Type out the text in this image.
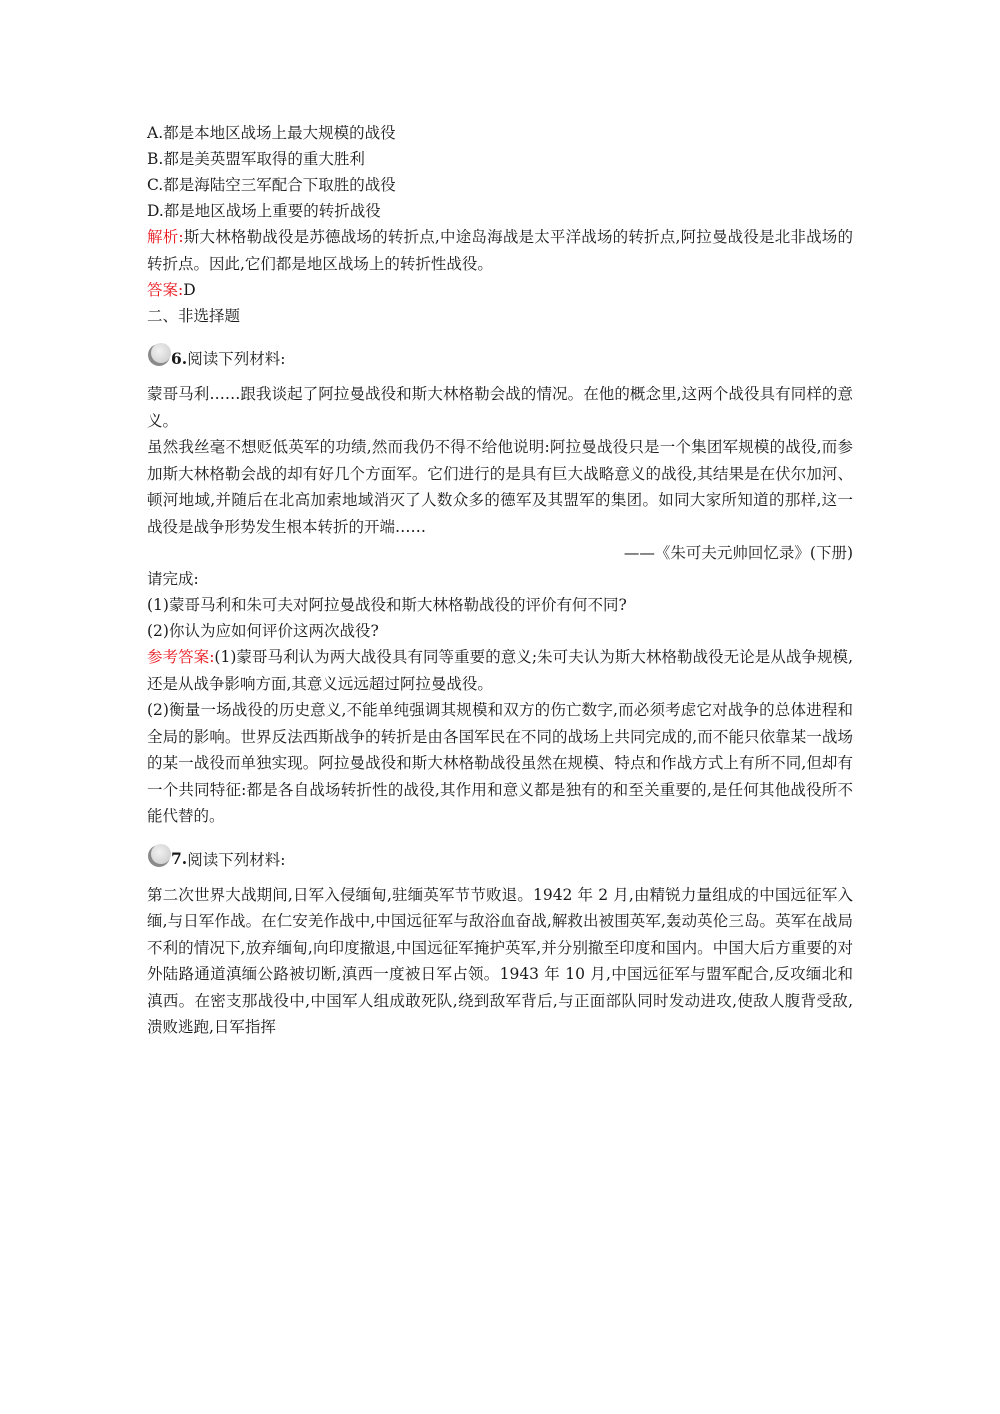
A.都是本地区战场上最大规模的战役
B.都是美英盟军取得的重大胜利
C.都是海陆空三军配合下取胜的战役
D.都是地区战场上重要的转折战役
解析:斯大林格勒战役是苏德战场的转折点,中途岛海战是太平洋战场的转折点,阿拉曼战役是北非战场的转折点。因此,它们都是地区战场上的转折性战役。
答案:D
二、非选择题
6. 阅读下列材料:
蒙哥马利……跟我谈起了阿拉曼战役和斯大林格勒会战的情况。在他的概念里,这两个战役具有同样的意义。
虽然我丝毫不想贬低英军的功绩,然而我仍不得不给他说明:阿拉曼战役只是一个集团军规模的战役,而参加斯大林格勒会战的却有好几个方面军。它们进行的是具有巨大战略意义的战役,其结果是在伏尔加河、顿河地域,并随后在北高加索地域消灭了人数众多的德军及其盟军的集团。如同大家所知道的那样,这一战役是战争形势发生根本转折的开端……
——《朱可夫元帅回忆录》(下册)
请完成:
(1)蒙哥马利和朱可夫对阿拉曼战役和斯大林格勒战役的评价有何不同?
(2)你认为应如何评价这两次战役?
参考答案:(1)蒙哥马利认为两大战役具有同等重要的意义;朱可夫认为斯大林格勒战役无论是从战争规模,还是从战争影响方面,其意义远远超过阿拉曼战役。
(2)衡量一场战役的历史意义,不能单纯强调其规模和双方的伤亡数字,而必须考虑它对战争的总体进程和全局的影响。世界反法西斯战争的转折是由各国军民在不同的战场上共同完成的,而不能只依靠某一战场的某一战役而单独实现。阿拉曼战役和斯大林格勒战役虽然在规模、特点和作战方式上有所不同,但却有一个共同特征:都是各自战场转折性的战役,其作用和意义都是独有的和至关重要的,是任何其他战役所不能代替的。
7. 阅读下列材料:
第二次世界大战期间,日军入侵缅甸,驻缅英军节节败退。1942 年 2 月,由精锐力量组成的中国远征军入缅,与日军作战。在仁安羌作战中,中国远征军与敌浴血奋战,解救出被围英军,轰动英伦三岛。英军在战局不利的情况下,放弃缅甸,向印度撤退,中国远征军掩护英军,并分别撤至印度和国内。中国大后方重要的对外陆路通道滇缅公路被切断,滇西一度被日军占领。1943 年 10 月,中国远征军与盟军配合,反攻缅北和滇西。在密支那战役中,中国军人组成敢死队,绕到敌军背后,与正面部队同时发动进攻,使敌人腹背受敌,溃败逃跑,日军指挥
